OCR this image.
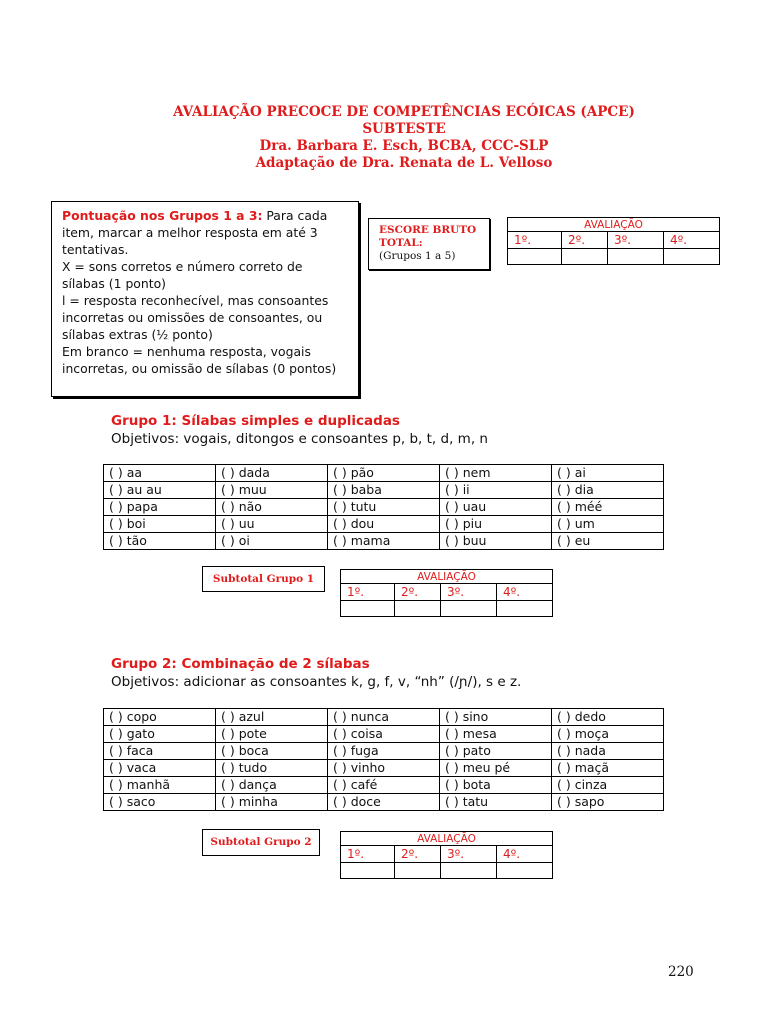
AVALIAÇÃO PRECOCE DE COMPETÊNCIAS ECÓICAS (APCE)
SUBTESTE
Dra. Barbara E. Esch, BCBA, CCC-SLP
Adaptação de Dra. Renata de L. Velloso
Pontuação nos Grupos 1 a 3: Para cada item, marcar a melhor resposta em até 3 tentativas.
X = sons corretos e número correto de sílabas (1 ponto)
l = resposta reconhecível, mas consoantes incorretas ou omissões de consoantes, ou sílabas extras (½ ponto)
Em branco = nenhuma resposta, vogais incorretas, ou omissão de sílabas (0 pontos)
ESCORE BRUTO
TOTAL:
(Grupos 1 a 5)
AVALIAÇÃO			
1º.	2º.	3º.	4º.

Grupo 1: Sílabas simples e duplicadas
Objetivos: vogais, ditongos e consoantes p, b, t, d, m, n
( ) aa	( ) dada	( ) pão	( ) nem	( ) ai
( ) au au	( ) muu	( ) baba	( ) ii	( ) dia
( ) papa	( ) não	( ) tutu	( ) uau	( ) méé
( ) boi	( ) uu	( ) dou	( ) piu	( ) um
( ) tão	( ) oi	( ) mama	( ) buu	( ) eu
Subtotal Grupo 1	AVALIAÇÃO			
1º.	2º.	3º.	4º.

Grupo 2: Combinação de 2 sílabas
Objetivos: adicionar as consoantes k, g, f, v, “nh” (/ɲ/), s e z.
( ) copo	( ) azul	( ) nunca	( ) sino	( ) dedo
( ) gato	( ) pote	( ) coisa	( ) mesa	( ) moça
( ) faca	( ) boca	( ) fuga	( ) pato	( ) nada
( ) vaca	( ) tudo	( ) vinho	( ) meu pé	( ) maçã
( ) manhã	( ) dança	( ) café	( ) bota	( ) cinza
( ) saco	( ) minha	( ) doce	( ) tatu	( ) sapo
Subtotal Grupo 2	AVALIAÇÃO			
1º.	2º.	3º.	4º.

220
